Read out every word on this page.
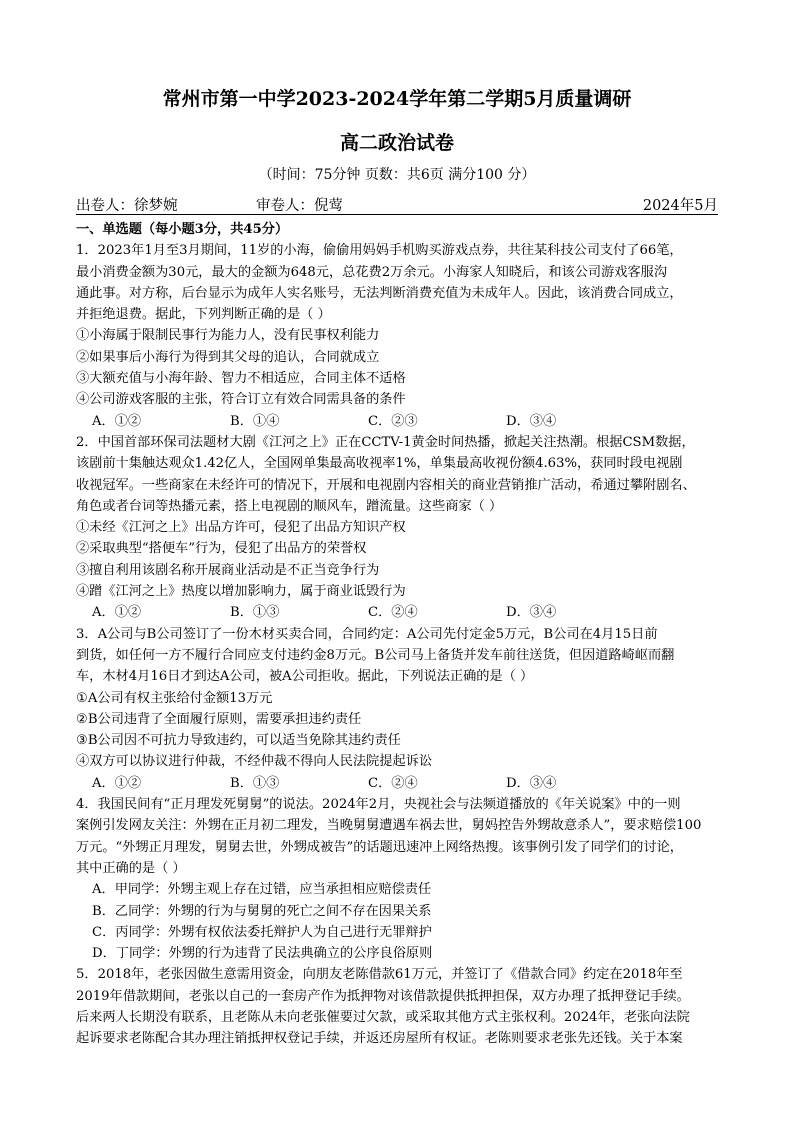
常州市第一中学2023-2024学年第二学期5月质量调研
高二政治试卷
（时间：75分钟 页数：共6页 满分100 分）
出卷人：徐梦婉	审卷人：倪莺	2024年5月
一、单选题（每小题3分，共45分）
1．2023年1月至3月期间，11岁的小海，偷偷用妈妈手机购买游戏点券，共往某科技公司支付了66笔，
最小消费金额为30元，最大的金额为648元，总花费2万余元。小海家人知晓后，和该公司游戏客服沟
通此事。对方称，后台显示为成年人实名账号，无法判断消费充值为未成年人。因此，该消费合同成立，
并拒绝退费。据此，下列判断正确的是（ ）
①小海属于限制民事行为能力人，没有民事权利能力
②如果事后小海行为得到其父母的追认，合同就成立
③大额充值与小海年龄、智力不相适应，合同主体不适格
④公司游戏客服的主张，符合订立有效合同需具备的条件
A．①②	B．①④	C．②③	D．③④
2．中国首部环保司法题材大剧《江河之上》正在CCTV-1黄金时间热播，掀起关注热潮。根据CSM数据，
该剧前十集触达观众1.42亿人，全国网单集最高收视率1%，单集最高收视份额4.63%，获同时段电视剧
收视冠军。一些商家在未经许可的情况下，开展和电视剧内容相关的商业营销推广活动，希通过攀附剧名、
角色或者台词等热播元素，搭上电视剧的顺风车，蹭流量。这些商家（ ）
①未经《江河之上》出品方许可，侵犯了出品方知识产权
②采取典型“搭便车”行为，侵犯了出品方的荣誉权
③擅自利用该剧名称开展商业活动是不正当竞争行为
④蹭《江河之上》热度以增加影响力，属于商业诋毁行为
A．①②	B．①③	C．②④	D．③④
3．A公司与B公司签订了一份木材买卖合同，合同约定：A公司先付定金5万元，B公司在4月15日前
到货，如任何一方不履行合同应支付违约金8万元。B公司马上备货并发车前往送货，但因道路崎岖而翻
车，木材4月16日才到达A公司，被A公司拒收。据此，下列说法正确的是（ ）
①A公司有权主张给付金额13万元
②B公司违背了全面履行原则，需要承担违约责任
③B公司因不可抗力导致违约，可以适当免除其违约责任
④双方可以协议进行仲裁，不经仲裁不得向人民法院提起诉讼
A．①②	B．①③	C．②④	D．③④
4．我国民间有“正月理发死舅舅”的说法。2024年2月，央视社会与法频道播放的《年关说案》中的一则
案例引发网友关注：外甥在正月初二理发，当晚舅舅遭遇车祸去世，舅妈控告外甥故意杀人”，要求赔偿100
万元。“外甥正月理发，舅舅去世，外甥成被告”的话题迅速冲上网络热搜。该事例引发了同学们的讨论，
其中正确的是（ ）
A．甲同学：外甥主观上存在过错，应当承担相应赔偿责任
B．乙同学：外甥的行为与舅舅的死亡之间不存在因果关系
C．丙同学：外甥有权依法委托辩护人为自己进行无罪辩护
D．丁同学：外甥的行为违背了民法典确立的公序良俗原则
5．2018年，老张因做生意需用资金，向朋友老陈借款61万元，并签订了《借款合同》约定在2018年至
2019年借款期间，老张以自己的一套房产作为抵押物对该借款提供抵押担保，双方办理了抵押登记手续。
后来两人长期没有联系，且老陈从未向老张催要过欠款，或采取其他方式主张权利。2024年，老张向法院
起诉要求老陈配合其办理注销抵押权登记手续，并返还房屋所有权证。老陈则要求老张先还钱。关于本案
